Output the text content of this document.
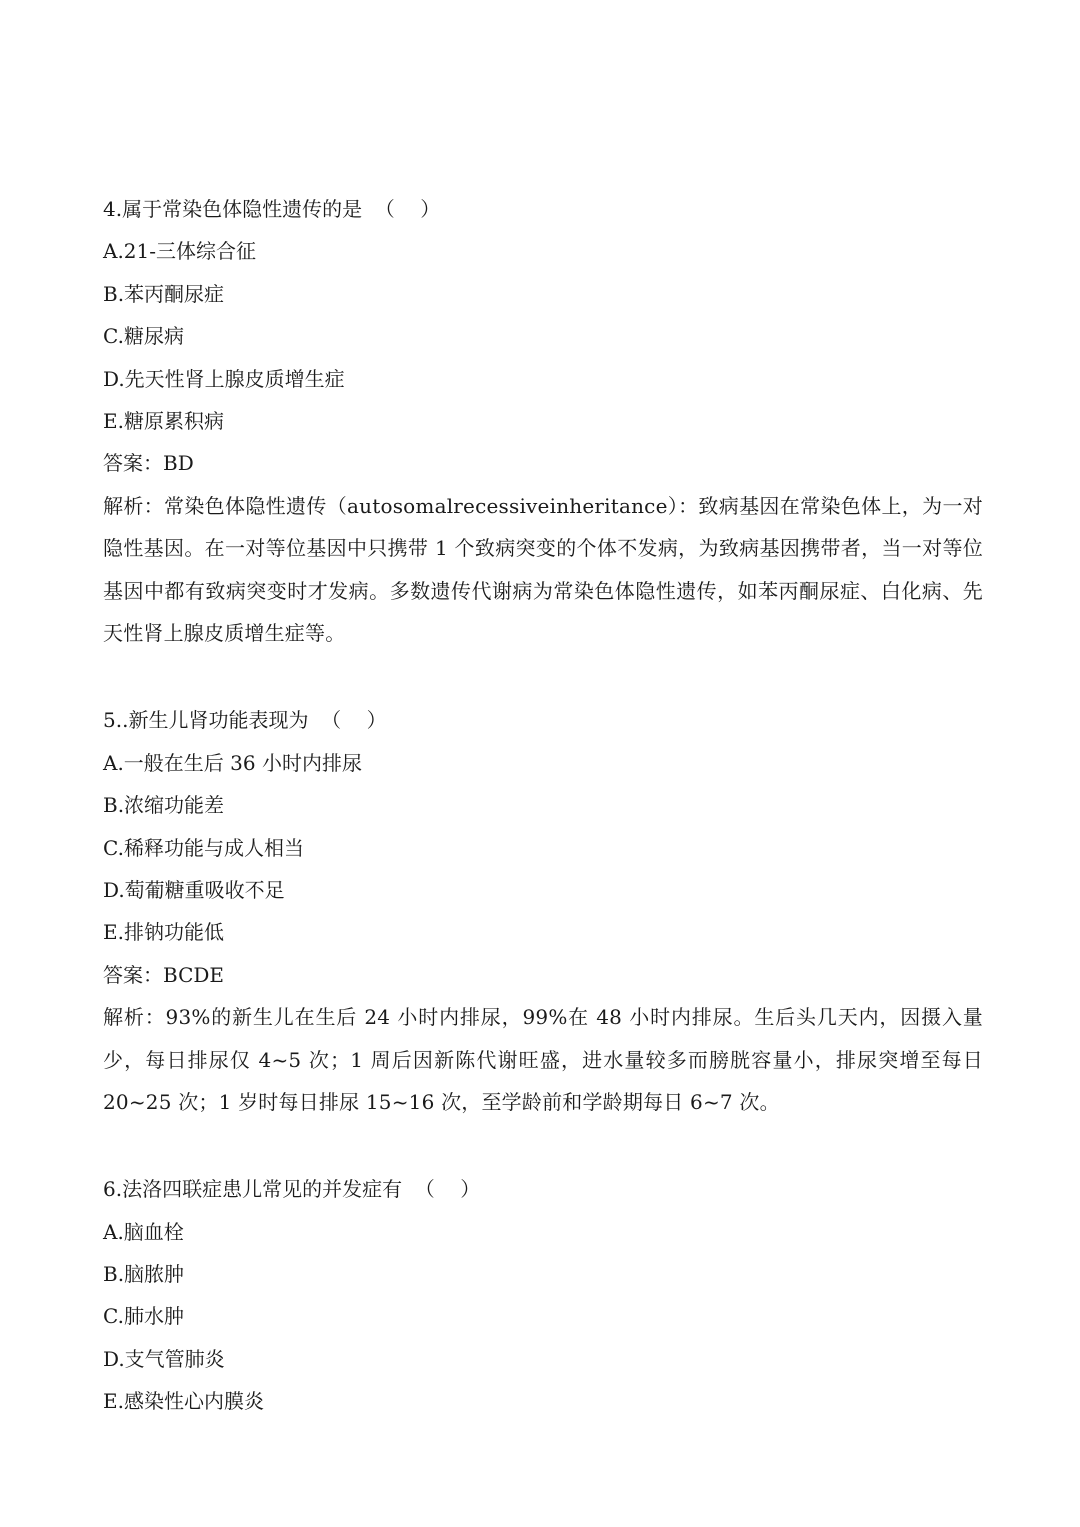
4.属于常染色体隐性遗传的是  （    ）

A.21-三体综合征

B.苯丙酮尿症

C.糖尿病

D.先天性肾上腺皮质增生症

E.糖原累积病

答案：BD

解析：常染色体隐性遗传（autosomalrecessiveinheritance）：致病基因在常染色体上，为一对隐性基因。在一对等位基因中只携带 1 个致病突变的个体不发病，为致病基因携带者，当一对等位基因中都有致病突变时才发病。多数遗传代谢病为常染色体隐性遗传，如苯丙酮尿症、白化病、先天性肾上腺皮质增生症等。

5..新生儿肾功能表现为  （    ）

A.一般在生后 36 小时内排尿

B.浓缩功能差

C.稀释功能与成人相当

D.萄葡糖重吸收不足

E.排钠功能低

答案：BCDE

解析：93%的新生儿在生后 24 小时内排尿，99%在 48 小时内排尿。生后头几天内，因摄入量少，每日排尿仅 4~5 次；1 周后因新陈代谢旺盛，进水量较多而膀胱容量小，排尿突增至每日 20~25 次；1 岁时每日排尿 15~16 次，至学龄前和学龄期每日 6~7 次。

6.法洛四联症患儿常见的并发症有  （    ）

A.脑血栓

B.脑脓肿

C.肺水肿

D.支气管肺炎

E.感染性心内膜炎
